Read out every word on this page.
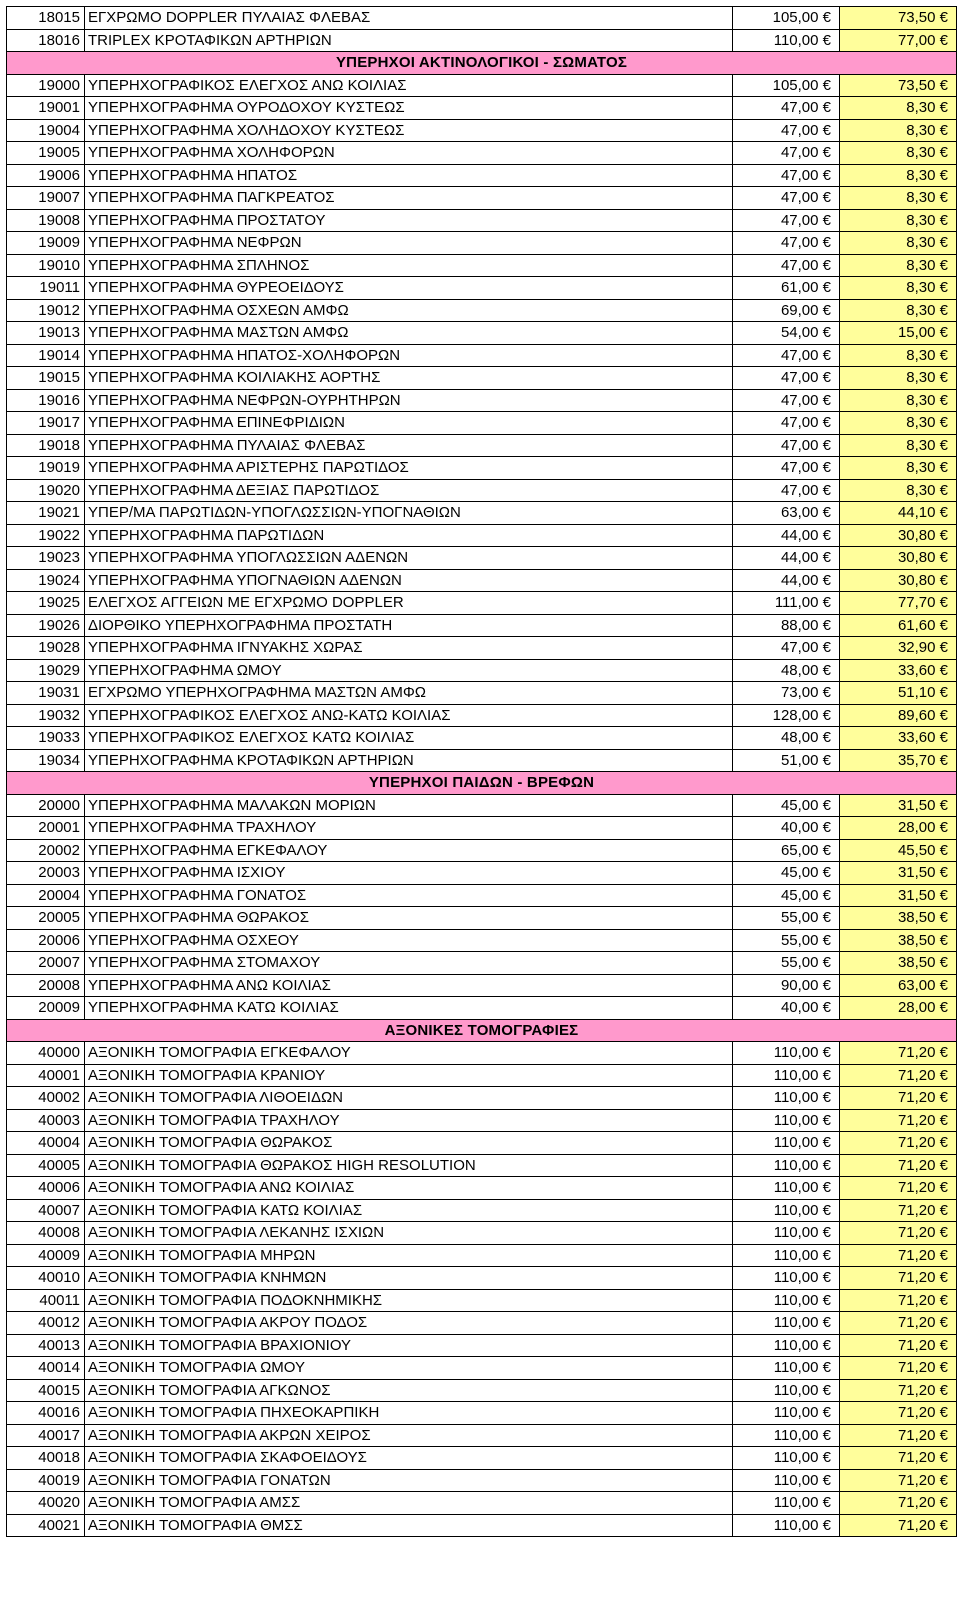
18015	ΕΓΧΡΩΜΟ DOPPLER ΠΥΛΑΙΑΣ ΦΛΕΒΑΣ	105,00 €	73,50 €
18016	TRIPLEX ΚΡΟΤΑΦΙΚΩΝ ΑΡΤΗΡΙΩΝ	110,00 €	77,00 €
ΥΠΕΡΗΧΟΙ ΑΚΤΙΝΟΛΟΓΙΚΟΙ - ΣΩΜΑΤΟΣ			
19000	ΥΠΕΡΗΧΟΓΡΑΦΙΚΟΣ ΕΛΕΓΧΟΣ ΑΝΩ ΚΟΙΛΙΑΣ	105,00 €	73,50 €
19001	ΥΠΕΡΗΧΟΓΡΑΦΗΜΑ ΟΥΡΟΔΟΧΟΥ ΚΥΣΤΕΩΣ	47,00 €	8,30 €
19004	ΥΠΕΡΗΧΟΓΡΑΦΗΜΑ ΧΟΛΗΔΟΧΟΥ ΚΥΣΤΕΩΣ	47,00 €	8,30 €
19005	ΥΠΕΡΗΧΟΓΡΑΦΗΜΑ ΧΟΛΗΦΟΡΩΝ	47,00 €	8,30 €
19006	ΥΠΕΡΗΧΟΓΡΑΦΗΜΑ ΗΠΑΤΟΣ	47,00 €	8,30 €
19007	ΥΠΕΡΗΧΟΓΡΑΦΗΜΑ ΠΑΓΚΡΕΑΤΟΣ	47,00 €	8,30 €
19008	ΥΠΕΡΗΧΟΓΡΑΦΗΜΑ ΠΡΟΣΤΑΤΟΥ	47,00 €	8,30 €
19009	ΥΠΕΡΗΧΟΓΡΑΦΗΜΑ ΝΕΦΡΩΝ	47,00 €	8,30 €
19010	ΥΠΕΡΗΧΟΓΡΑΦΗΜΑ ΣΠΛΗΝΟΣ	47,00 €	8,30 €
19011	ΥΠΕΡΗΧΟΓΡΑΦΗΜΑ ΘΥΡΕΟΕΙΔΟΥΣ	61,00 €	8,30 €
19012	ΥΠΕΡΗΧΟΓΡΑΦΗΜΑ ΟΣΧΕΩΝ ΑΜΦΩ	69,00 €	8,30 €
19013	ΥΠΕΡΗΧΟΓΡΑΦΗΜΑ ΜΑΣΤΩΝ ΑΜΦΩ	54,00 €	15,00 €
19014	ΥΠΕΡΗΧΟΓΡΑΦΗΜΑ ΗΠΑΤΟΣ-ΧΟΛΗΦΟΡΩΝ	47,00 €	8,30 €
19015	ΥΠΕΡΗΧΟΓΡΑΦΗΜΑ ΚΟΙΛΙΑΚΗΣ ΑΟΡΤΗΣ	47,00 €	8,30 €
19016	ΥΠΕΡΗΧΟΓΡΑΦΗΜΑ ΝΕΦΡΩΝ-ΟΥΡΗΤΗΡΩΝ	47,00 €	8,30 €
19017	ΥΠΕΡΗΧΟΓΡΑΦΗΜΑ ΕΠΙΝΕΦΡΙΔΙΩΝ	47,00 €	8,30 €
19018	ΥΠΕΡΗΧΟΓΡΑΦΗΜΑ ΠΥΛΑΙΑΣ ΦΛΕΒΑΣ	47,00 €	8,30 €
19019	ΥΠΕΡΗΧΟΓΡΑΦΗΜΑ ΑΡΙΣΤΕΡΗΣ ΠΑΡΩΤΙΔΟΣ	47,00 €	8,30 €
19020	ΥΠΕΡΗΧΟΓΡΑΦΗΜΑ ΔΕΞΙΑΣ ΠΑΡΩΤΙΔΟΣ	47,00 €	8,30 €
19021	ΥΠΕΡ/ΜΑ ΠΑΡΩΤΙΔΩΝ-ΥΠΟΓΛΩΣΣΙΩΝ-ΥΠΟΓΝΑΘΙΩΝ	63,00 €	44,10 €
19022	ΥΠΕΡΗΧΟΓΡΑΦΗΜΑ ΠΑΡΩΤΙΔΩΝ	44,00 €	30,80 €
19023	ΥΠΕΡΗΧΟΓΡΑΦΗΜΑ ΥΠΟΓΛΩΣΣΙΩΝ ΑΔΕΝΩΝ	44,00 €	30,80 €
19024	ΥΠΕΡΗΧΟΓΡΑΦΗΜΑ ΥΠΟΓΝΑΘΙΩΝ ΑΔΕΝΩΝ	44,00 €	30,80 €
19025	ΕΛΕΓΧΟΣ ΑΓΓΕΙΩΝ ΜΕ ΕΓΧΡΩΜΟ DOPPLER	111,00 €	77,70 €
19026	ΔΙΟΡΘΙΚΟ ΥΠΕΡΗΧΟΓΡΑΦΗΜΑ ΠΡΟΣΤΑΤΗ	88,00 €	61,60 €
19028	ΥΠΕΡΗΧΟΓΡΑΦΗΜΑ ΙΓΝΥΑΚΗΣ ΧΩΡΑΣ	47,00 €	32,90 €
19029	ΥΠΕΡΗΧΟΓΡΑΦΗΜΑ ΩΜΟΥ	48,00 €	33,60 €
19031	ΕΓΧΡΩΜΟ ΥΠΕΡΗΧΟΓΡΑΦΗΜΑ ΜΑΣΤΩΝ ΑΜΦΩ	73,00 €	51,10 €
19032	ΥΠΕΡΗΧΟΓΡΑΦΙΚΟΣ ΕΛΕΓΧΟΣ ΑΝΩ-ΚΑΤΩ ΚΟΙΛΙΑΣ	128,00 €	89,60 €
19033	ΥΠΕΡΗΧΟΓΡΑΦΙΚΟΣ ΕΛΕΓΧΟΣ ΚΑΤΩ ΚΟΙΛΙΑΣ	48,00 €	33,60 €
19034	ΥΠΕΡΗΧΟΓΡΑΦΗΜΑ ΚΡΟΤΑΦΙΚΩΝ ΑΡΤΗΡΙΩΝ	51,00 €	35,70 €
ΥΠΕΡΗΧΟΙ ΠΑΙΔΩΝ - ΒΡΕΦΩΝ			
20000	ΥΠΕΡΗΧΟΓΡΑΦΗΜΑ ΜΑΛΑΚΩΝ ΜΟΡΙΩΝ	45,00 €	31,50 €
20001	ΥΠΕΡΗΧΟΓΡΑΦΗΜΑ ΤΡΑΧΗΛΟΥ	40,00 €	28,00 €
20002	ΥΠΕΡΗΧΟΓΡΑΦΗΜΑ ΕΓΚΕΦΑΛΟΥ	65,00 €	45,50 €
20003	ΥΠΕΡΗΧΟΓΡΑΦΗΜΑ ΙΣΧΙΟΥ	45,00 €	31,50 €
20004	ΥΠΕΡΗΧΟΓΡΑΦΗΜΑ ΓΟΝΑΤΟΣ	45,00 €	31,50 €
20005	ΥΠΕΡΗΧΟΓΡΑΦΗΜΑ ΘΩΡΑΚΟΣ	55,00 €	38,50 €
20006	ΥΠΕΡΗΧΟΓΡΑΦΗΜΑ ΟΣΧΕΟΥ	55,00 €	38,50 €
20007	ΥΠΕΡΗΧΟΓΡΑΦΗΜΑ ΣΤΟΜΑΧΟΥ	55,00 €	38,50 €
20008	ΥΠΕΡΗΧΟΓΡΑΦΗΜΑ ΑΝΩ ΚΟΙΛΙΑΣ	90,00 €	63,00 €
20009	ΥΠΕΡΗΧΟΓΡΑΦΗΜΑ ΚΑΤΩ ΚΟΙΛΙΑΣ	40,00 €	28,00 €
ΑΞΟΝΙΚΕΣ ΤΟΜΟΓΡΑΦΙΕΣ			
40000	ΑΞΟΝΙΚΗ ΤΟΜΟΓΡΑΦΙΑ ΕΓΚΕΦΑΛΟΥ	110,00 €	71,20 €
40001	ΑΞΟΝΙΚΗ ΤΟΜΟΓΡΑΦΙΑ ΚΡΑΝΙΟΥ	110,00 €	71,20 €
40002	ΑΞΟΝΙΚΗ ΤΟΜΟΓΡΑΦΙΑ ΛΙΘΟΕΙΔΩΝ	110,00 €	71,20 €
40003	ΑΞΟΝΙΚΗ ΤΟΜΟΓΡΑΦΙΑ ΤΡΑΧΗΛΟΥ	110,00 €	71,20 €
40004	ΑΞΟΝΙΚΗ ΤΟΜΟΓΡΑΦΙΑ ΘΩΡΑΚΟΣ	110,00 €	71,20 €
40005	ΑΞΟΝΙΚΗ ΤΟΜΟΓΡΑΦΙΑ ΘΩΡΑΚΟΣ HIGH RESOLUTION	110,00 €	71,20 €
40006	ΑΞΟΝΙΚΗ ΤΟΜΟΓΡΑΦΙΑ ΑΝΩ ΚΟΙΛΙΑΣ	110,00 €	71,20 €
40007	ΑΞΟΝΙΚΗ ΤΟΜΟΓΡΑΦΙΑ ΚΑΤΩ ΚΟΙΛΙΑΣ	110,00 €	71,20 €
40008	ΑΞΟΝΙΚΗ ΤΟΜΟΓΡΑΦΙΑ ΛΕΚΑΝΗΣ ΙΣΧΙΩΝ	110,00 €	71,20 €
40009	ΑΞΟΝΙΚΗ ΤΟΜΟΓΡΑΦΙΑ ΜΗΡΩΝ	110,00 €	71,20 €
40010	ΑΞΟΝΙΚΗ ΤΟΜΟΓΡΑΦΙΑ ΚΝΗΜΩΝ	110,00 €	71,20 €
40011	ΑΞΟΝΙΚΗ ΤΟΜΟΓΡΑΦΙΑ ΠΟΔΟΚΝΗΜΙΚΗΣ	110,00 €	71,20 €
40012	ΑΞΟΝΙΚΗ ΤΟΜΟΓΡΑΦΙΑ ΑΚΡΟΥ ΠΟΔΟΣ	110,00 €	71,20 €
40013	ΑΞΟΝΙΚΗ ΤΟΜΟΓΡΑΦΙΑ ΒΡΑΧΙΟΝΙΟΥ	110,00 €	71,20 €
40014	ΑΞΟΝΙΚΗ ΤΟΜΟΓΡΑΦΙΑ ΩΜΟΥ	110,00 €	71,20 €
40015	ΑΞΟΝΙΚΗ ΤΟΜΟΓΡΑΦΙΑ ΑΓΚΩΝΟΣ	110,00 €	71,20 €
40016	ΑΞΟΝΙΚΗ ΤΟΜΟΓΡΑΦΙΑ ΠΗΧΕΟΚΑΡΠΙΚΗ	110,00 €	71,20 €
40017	ΑΞΟΝΙΚΗ ΤΟΜΟΓΡΑΦΙΑ ΑΚΡΩΝ ΧΕΙΡΟΣ	110,00 €	71,20 €
40018	ΑΞΟΝΙΚΗ ΤΟΜΟΓΡΑΦΙΑ ΣΚΑΦΟΕΙΔΟΥΣ	110,00 €	71,20 €
40019	ΑΞΟΝΙΚΗ ΤΟΜΟΓΡΑΦΙΑ ΓΟΝΑΤΩΝ	110,00 €	71,20 €
40020	ΑΞΟΝΙΚΗ ΤΟΜΟΓΡΑΦΙΑ ΑΜΣΣ	110,00 €	71,20 €
40021	ΑΞΟΝΙΚΗ ΤΟΜΟΓΡΑΦΙΑ ΘΜΣΣ	110,00 €	71,20 €
